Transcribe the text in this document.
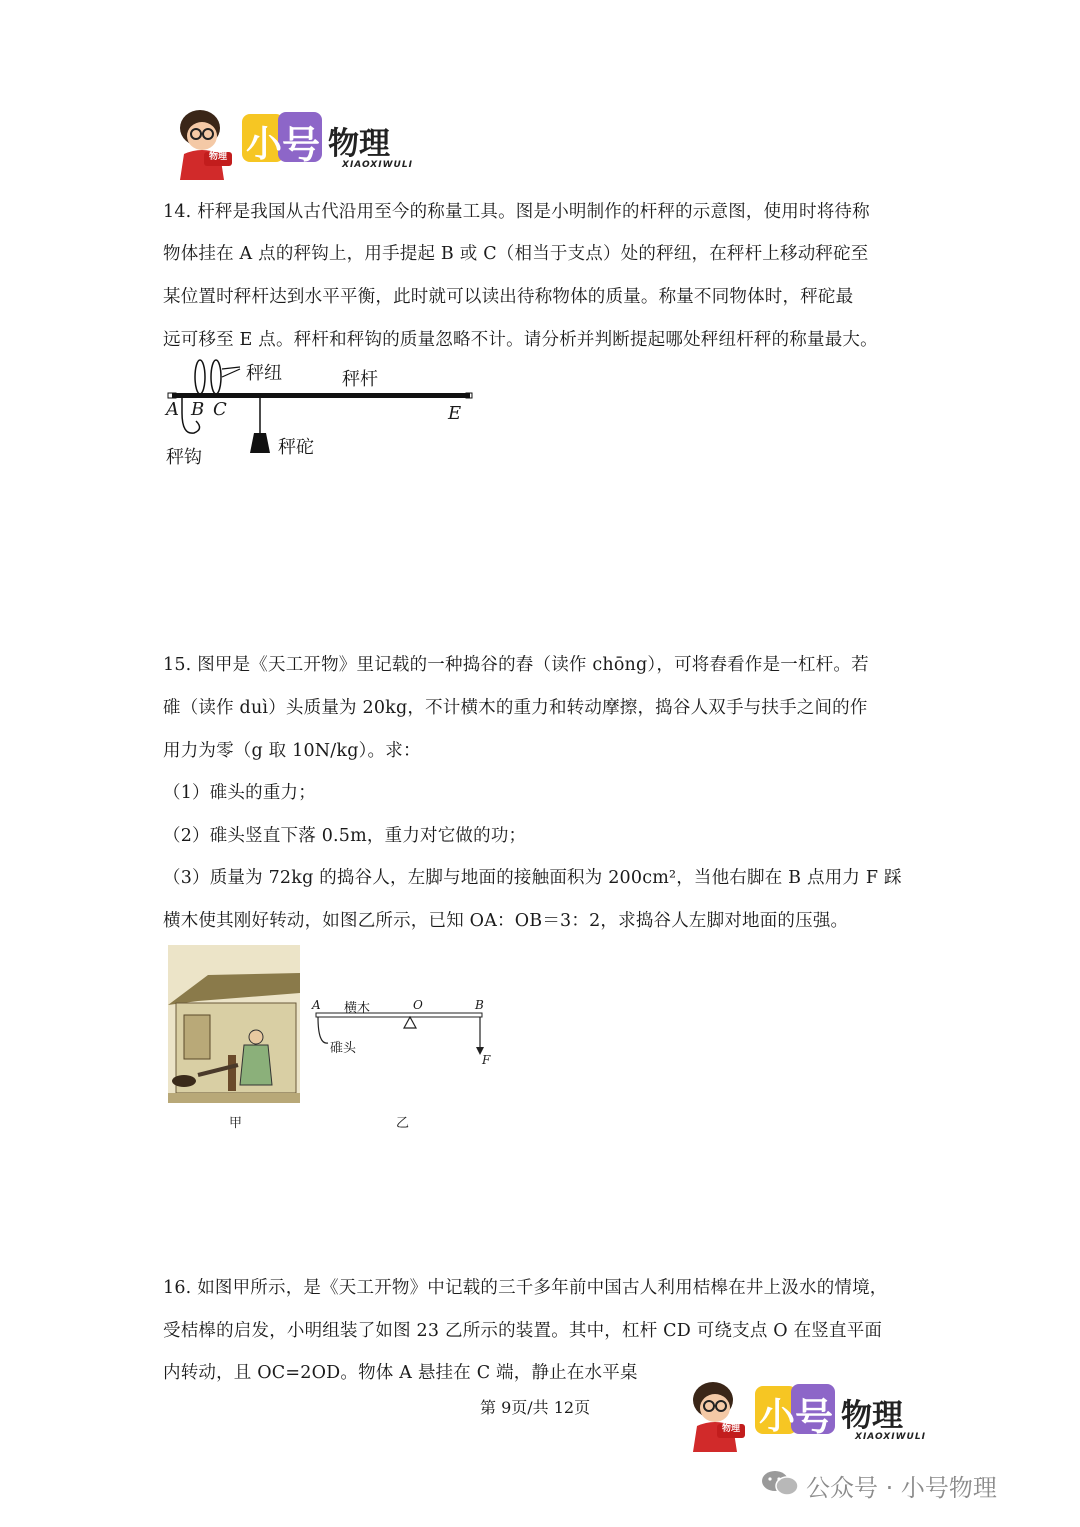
物理 小 号 物理
XIAOXIWULI
14. 杆秤是我国从古代沿用至今的称量工具。图是小明制作的杆秤的示意图，使用时将待称
物体挂在 A 点的秤钩上，用手提起 B 或 C（相当于支点）处的秤纽，在秤杆上移动秤砣至
某位置时秤杆达到水平平衡，此时就可以读出待称物体的质量。称量不同物体时，秤砣最
远可移至 E 点。秤杆和秤钩的质量忽略不计。请分析并判断提起哪处秤纽杆秤的称量最大。
秤纽	秤杆
A B C	E
秤砣
秤钩
15. 图甲是《天工开物》里记载的一种捣谷的舂（读作 chōng），可将舂看作是一杠杆。若
碓（读作 duì）头质量为 20kg，不计横木的重力和转动摩擦，捣谷人双手与扶手之间的作
用力为零（g 取 10N/kg）。求：
（1）碓头的重力；
（2）碓头竖直下落 0.5m，重力对它做的功；
（3）质量为 72kg 的捣谷人，左脚与地面的接触面积为 200cm²，当他右脚在 B 点用力 F 踩
横木使其刚好转动，如图乙所示，已知 OA：OB＝3：2，求捣谷人左脚对地面的压强。
甲
A 横木	O	B
碓头
F
乙
16. 如图甲所示，是《天工开物》中记载的三千多年前中国古人利用桔槔在井上汲水的情境，
受桔槔的启发，小明组装了如图 23 乙所示的装置。其中，杠杆 CD 可绕支点 O 在竖直平面
内转动，且 OC=2OD。物体 A 悬挂在 C 端，静止在水平桌
第 9页/共 12页
物理 小 号 物理
XIAOXIWULI
公众号 · 小号物理
